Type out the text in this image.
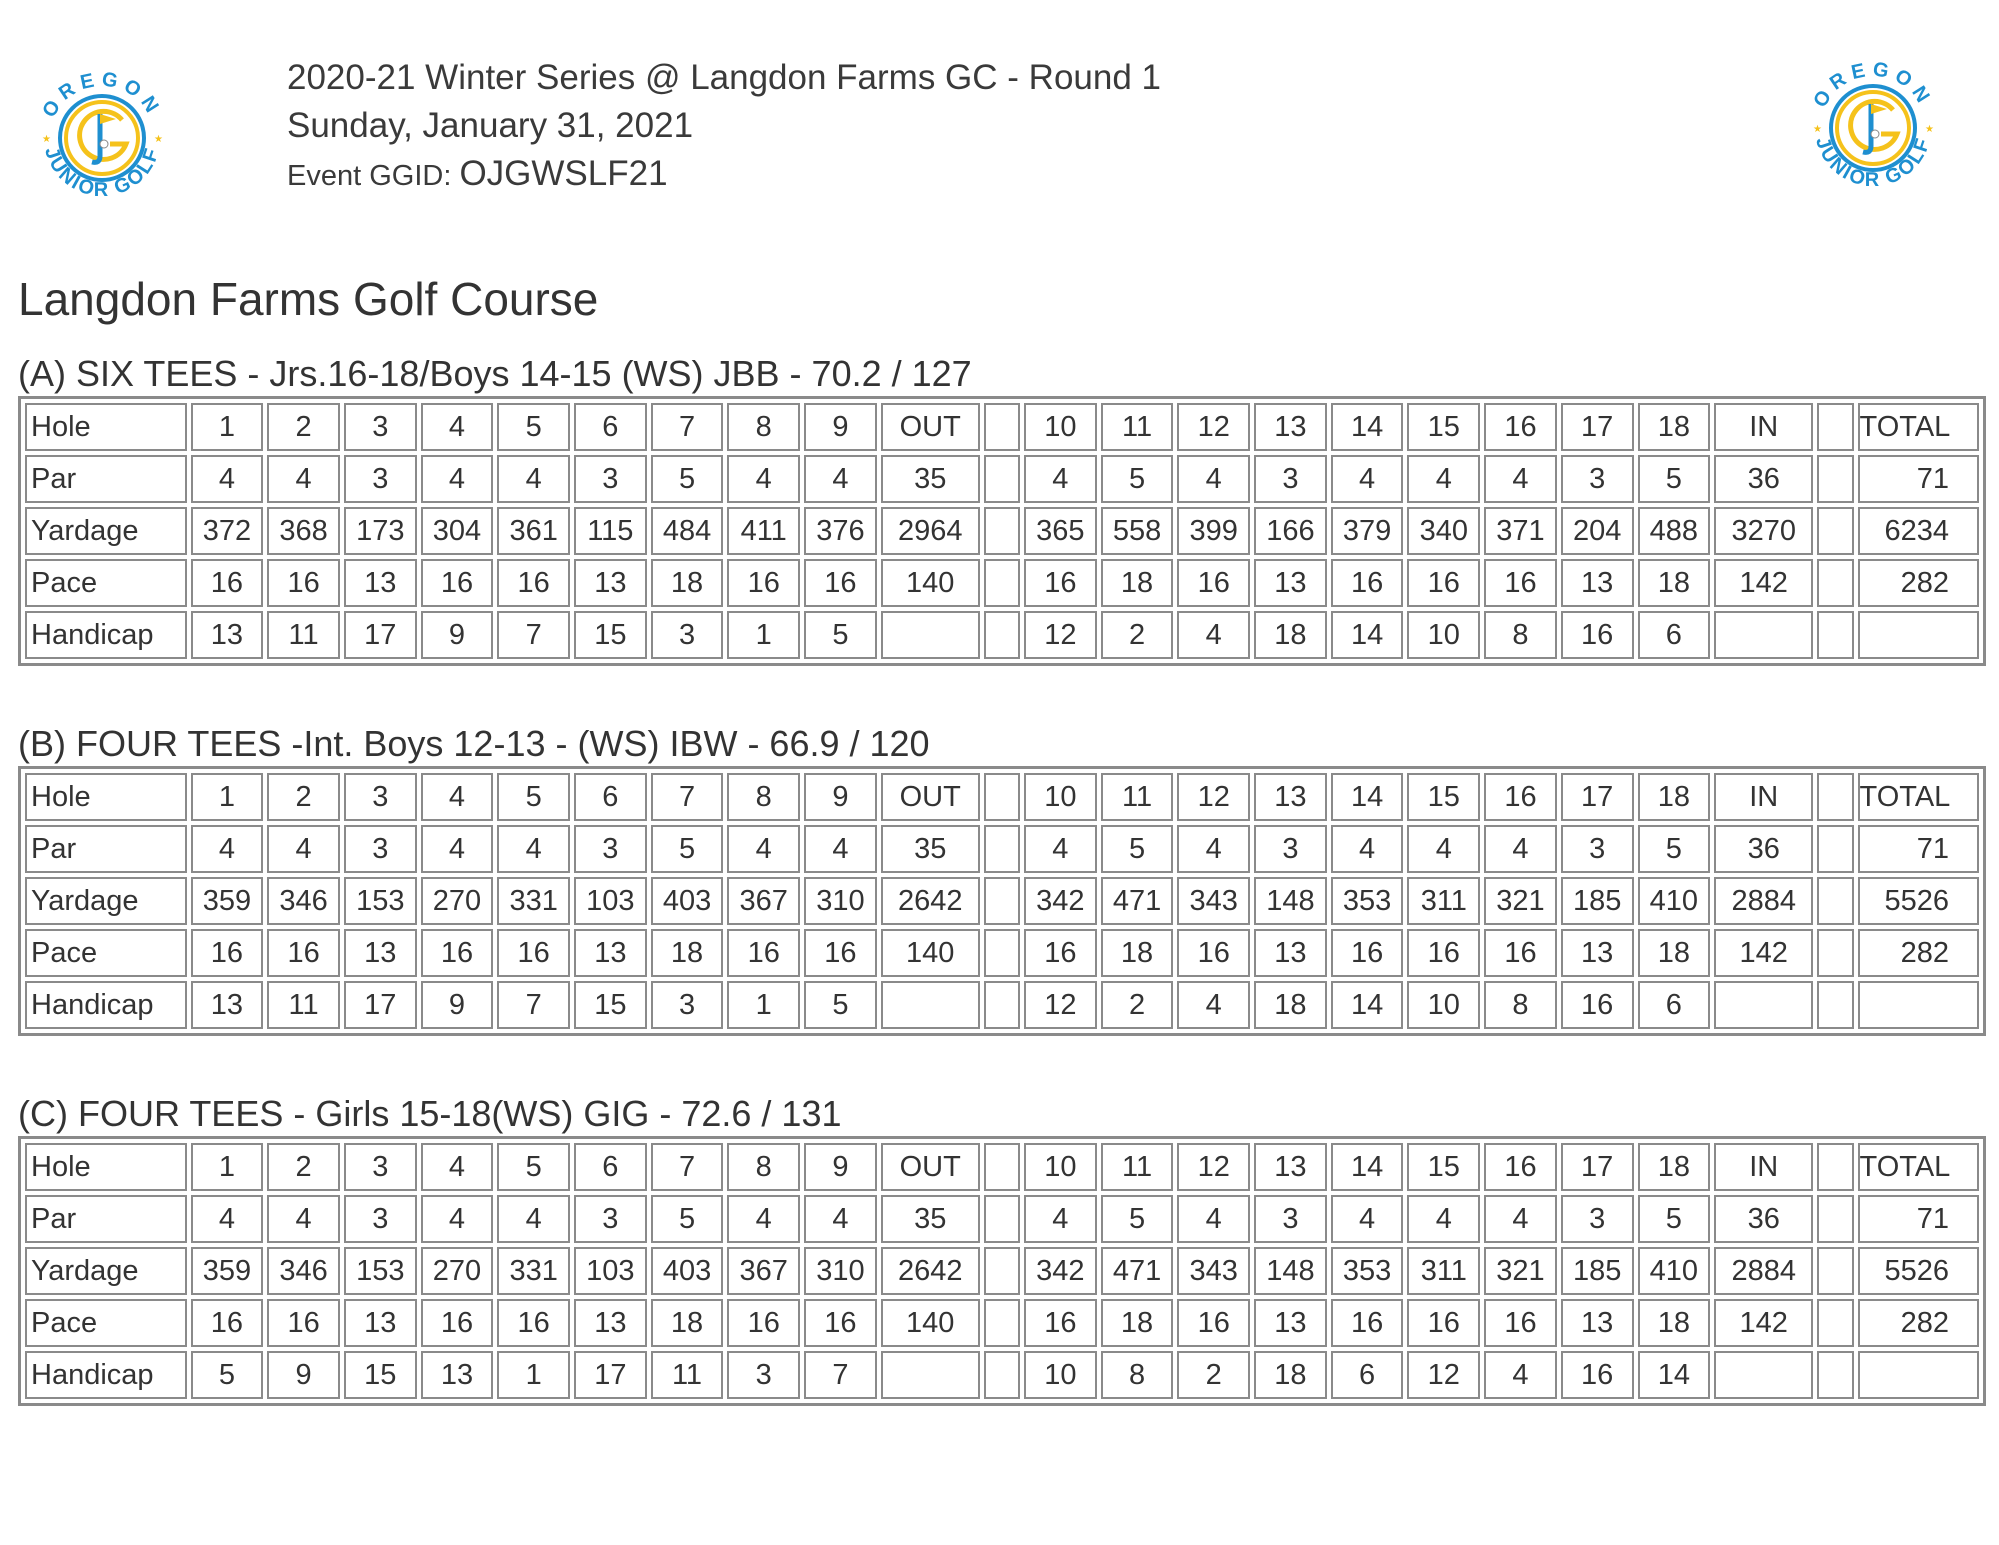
OREGON
JUNIOR GOLF
★	★
OREGON
JUNIOR GOLF
★	★
2020-21 Winter Series @ Langdon Farms GC - Round 1
Sunday, January 31, 2021
Event GGID: OJGWSLF21
Langdon Farms Golf Course
(A) SIX TEES - Jrs.16-18/Boys 14-15 (WS) JBB - 70.2 / 127
Hole	1	2	3	4	5	6	7	8	9	OUT		10	11	12	13	14	15	16	17	18	IN		TOTAL
Par	4	4	3	4	4	3	5	4	4	35		4	5	4	3	4	4	4	3	5	36		71
Yardage	372	368	173	304	361	115	484	411	376	2964		365	558	399	166	379	340	371	204	488	3270		6234
Pace	16	16	13	16	16	13	18	16	16	140		16	18	16	13	16	16	16	13	18	142		282
Handicap	13	11	17	9	7	15	3	1	5			12	2	4	18	14	10	8	16	6			
(B) FOUR TEES -Int. Boys 12-13 - (WS) IBW - 66.9 / 120
Hole	1	2	3	4	5	6	7	8	9	OUT		10	11	12	13	14	15	16	17	18	IN		TOTAL
Par	4	4	3	4	4	3	5	4	4	35		4	5	4	3	4	4	4	3	5	36		71
Yardage	359	346	153	270	331	103	403	367	310	2642		342	471	343	148	353	311	321	185	410	2884		5526
Pace	16	16	13	16	16	13	18	16	16	140		16	18	16	13	16	16	16	13	18	142		282
Handicap	13	11	17	9	7	15	3	1	5			12	2	4	18	14	10	8	16	6			
(C) FOUR TEES - Girls 15-18(WS) GIG - 72.6 / 131
Hole	1	2	3	4	5	6	7	8	9	OUT		10	11	12	13	14	15	16	17	18	IN		TOTAL
Par	4	4	3	4	4	3	5	4	4	35		4	5	4	3	4	4	4	3	5	36		71
Yardage	359	346	153	270	331	103	403	367	310	2642		342	471	343	148	353	311	321	185	410	2884		5526
Pace	16	16	13	16	16	13	18	16	16	140		16	18	16	13	16	16	16	13	18	142		282
Handicap	5	9	15	13	1	17	11	3	7			10	8	2	18	6	12	4	16	14			
